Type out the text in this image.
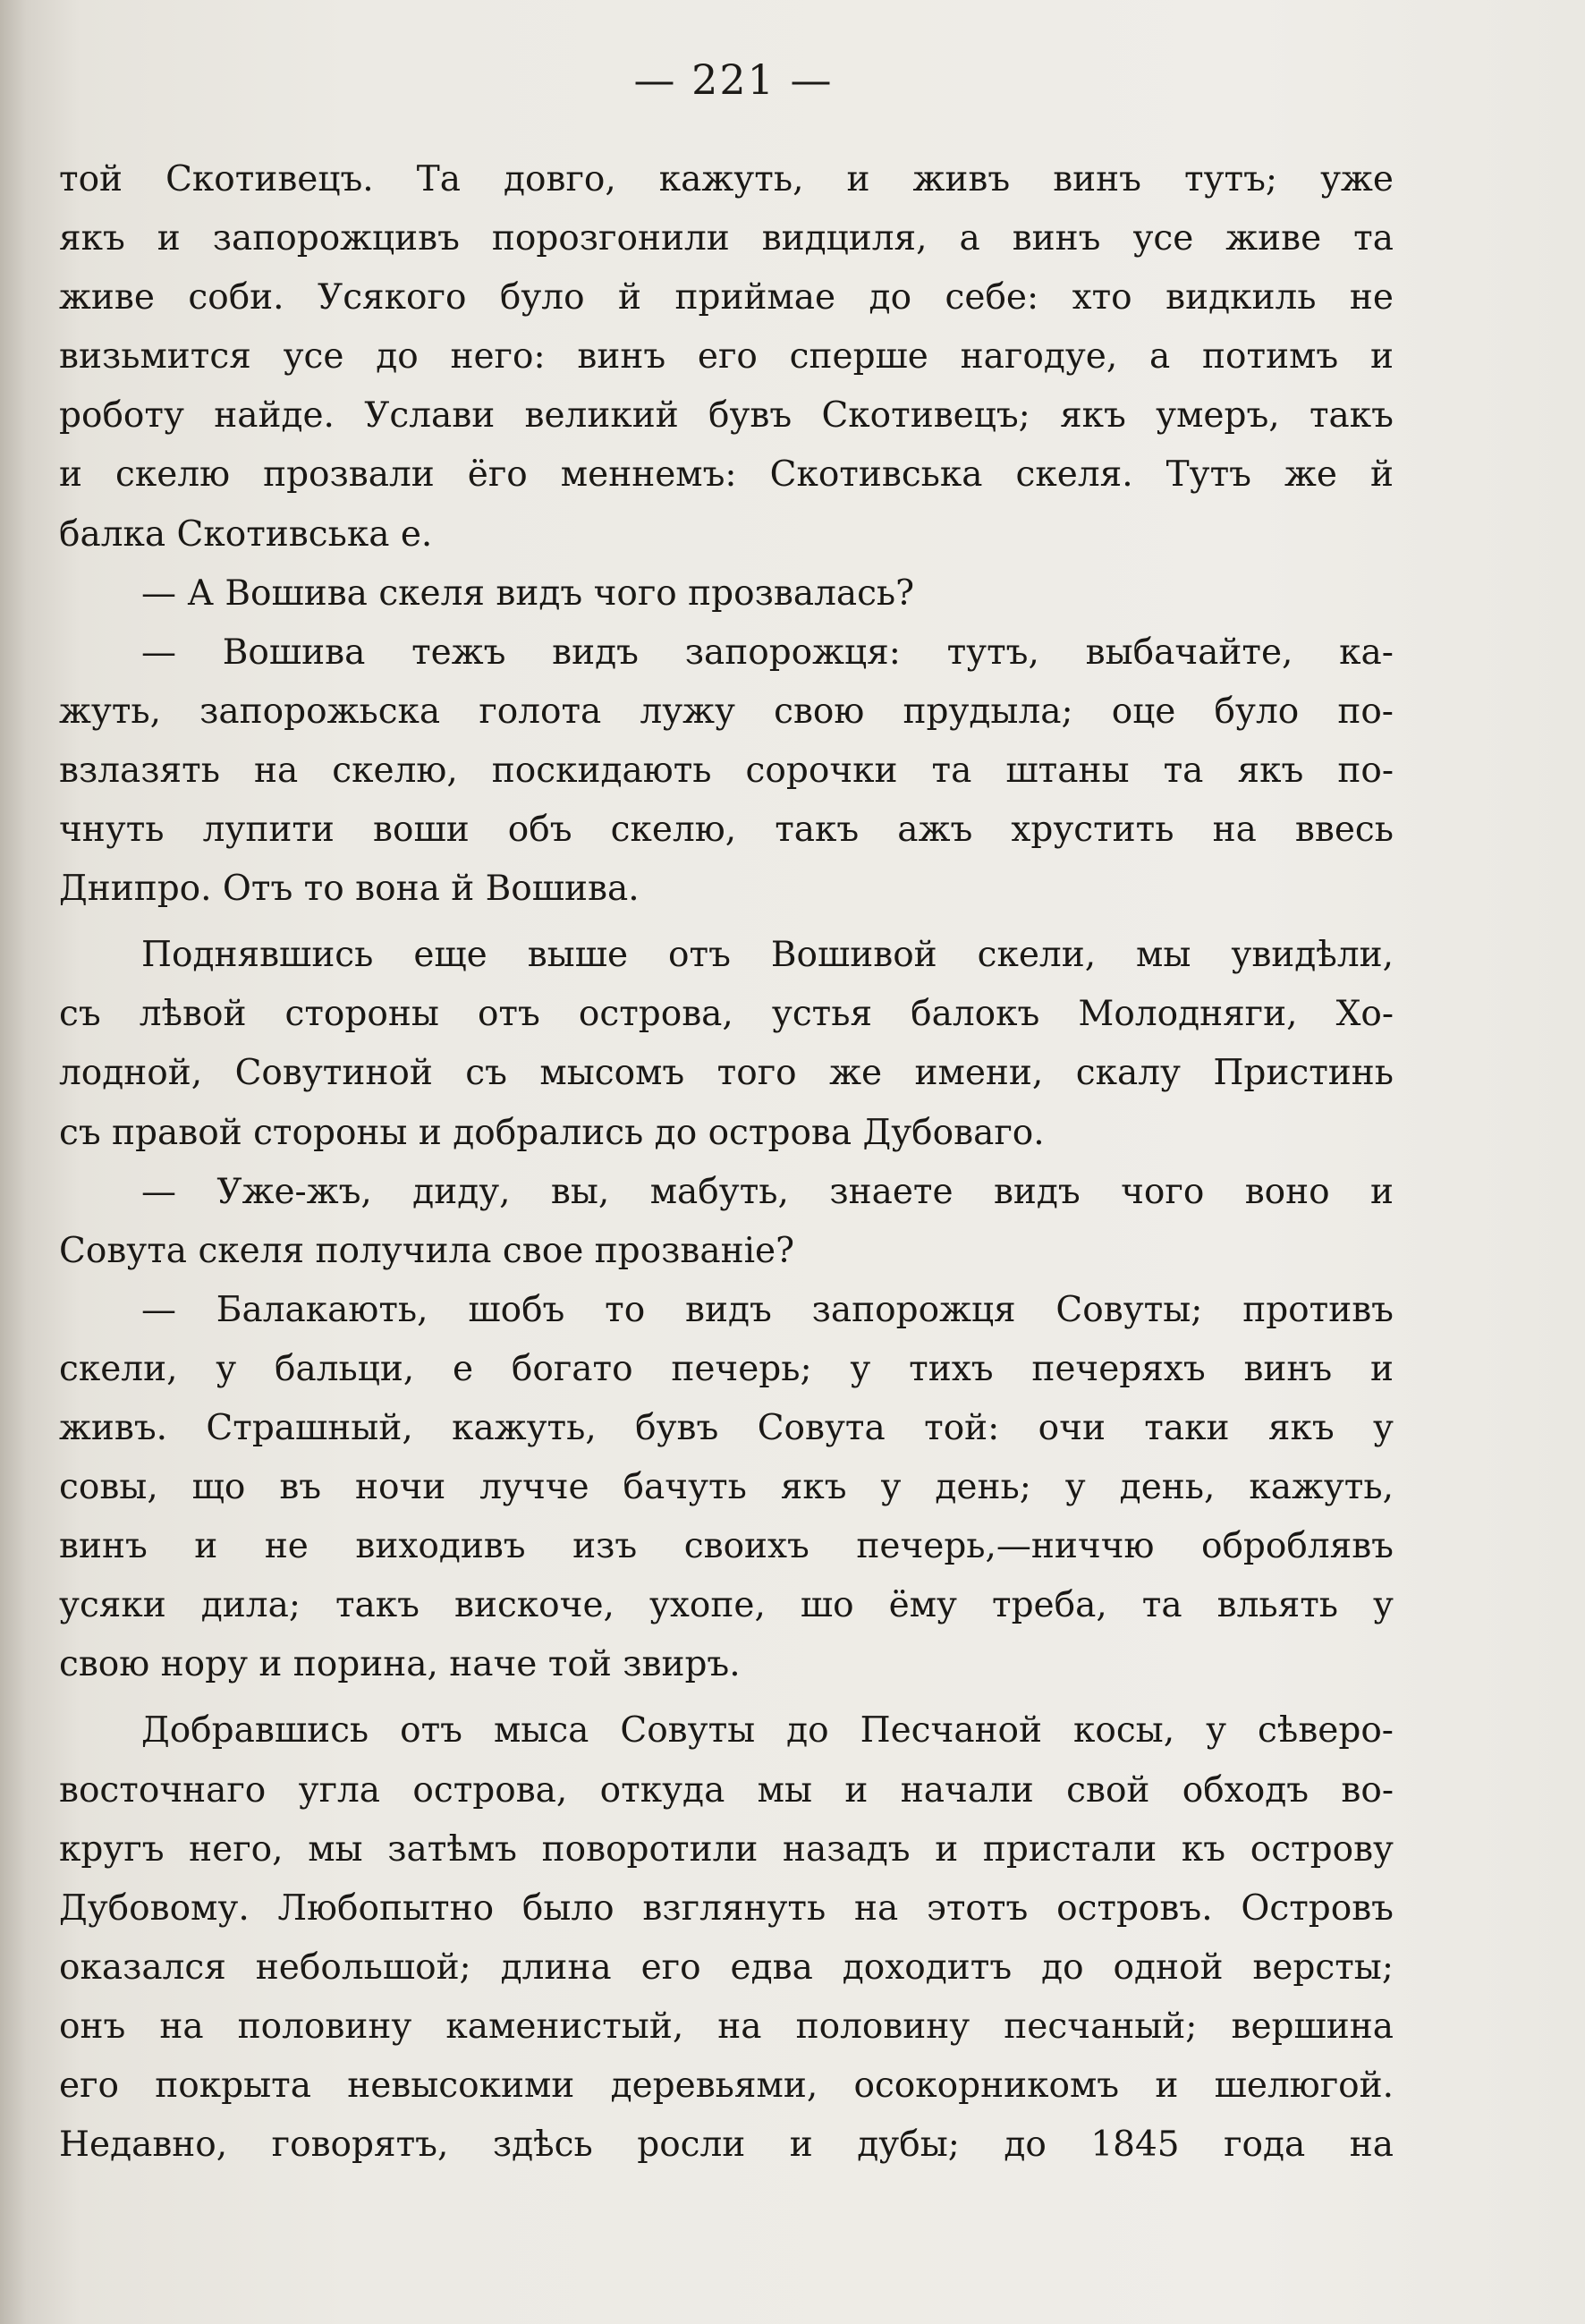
— 221 —
той Скотивецъ. Та довго, кажуть, и живъ винъ тутъ; уже
якъ и запорожцивъ порозгонили видциля, а винъ усе живе та
живе соби. Усякого було й приймае до себе: хто видкиль не
визьмится усе до него: винъ его сперше нагодуе, а потимъ и
роботу найде. Услави великий бувъ Скотивецъ; якъ умеръ, такъ
и скелю прозвали ёго меннемъ: Скотивська скеля. Тутъ же й
балка Скотивська е.
— А Вошива скеля видъ чого прозвалась?
— Вошива тежъ видъ запорожця: тутъ, выбачайте, ка-
жуть, запорожьска голота лужу свою прудыла; оце було по-
взлазять на скелю, поскидають сорочки та штаны та якъ по-
чнуть лупити воши объ скелю, такъ ажъ хрустить на ввесь
Днипро. Отъ то вона й Вошива.
Поднявшись еще выше отъ Вошивой скели, мы увидѣли,
съ лѣвой стороны отъ острова, устья балокъ Молодняги, Хо-
лодной, Совутиной съ мысомъ того же имени, скалу Пристинь
съ правой стороны и добрались до острова Дубоваго.
— Уже-жъ, диду, вы, мабуть, знаете видъ чого воно и
Совута скеля получила свое прозваніе?
— Балакають, шобъ то видъ запорожця Совуты; противъ
скели, у бальци, е богато печерь; у тихъ печеряхъ винъ и
живъ. Страшный, кажуть, бувъ Совута той: очи таки якъ у
совы, що въ ночи лучче бачуть якъ у день; у день, кажуть,
винъ и не виходивъ изъ своихъ печерь,—ниччю оброблявъ
усяки дила; такъ вискоче, ухопе, шо ёму треба, та вльять у
свою нору и порина, наче той звиръ.
Добравшись отъ мыса Совуты до Песчаной косы, у сѣверо-
восточнаго угла острова, откуда мы и начали свой обходъ во-
кругъ него, мы затѣмъ поворотили назадъ и пристали къ острову
Дубовому. Любопытно было взглянуть на этотъ островъ. Островъ
оказался небольшой; длина его едва доходитъ до одной версты;
онъ на половину каменистый, на половину песчаный; вершина
его покрыта невысокими деревьями, осокорникомъ и шелюгой.
Недавно, говорятъ, здѣсь росли и дубы; до 1845 года на
